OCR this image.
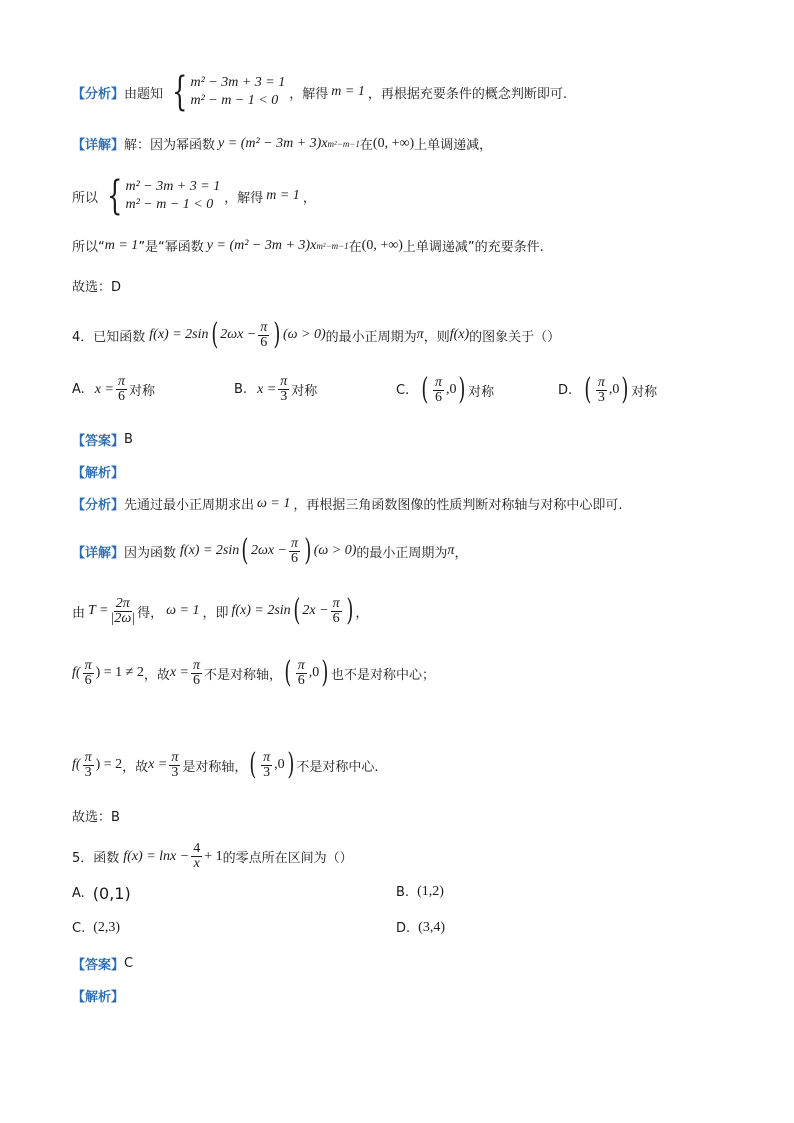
【分析】 由题知 { m² − 3m + 3 = 1
m² − m − 1 < 0 ，解得 m = 1 ，再根据充要条件的概念判断即可.
【详解】 解：因为幂函数 y = (m² − 3m + 3)x m²−m−1 在 (0, +∞) 上单调递减，
所以 { m² − 3m + 3 = 1
m² − m − 1 < 0 ，解得 m = 1 ，
所以“ m = 1 ”是“幂函数 y = (m² − 3m + 3)x m²−m−1 在 (0, +∞) 上单调递减”的充要条件.
故选：D
4．已知函数 f(x) = 2sin ( $2\omega x - \frac{\pi}{6}$ ) (ω > 0) 的最小正周期为 π ，则 f(x) 的图象关于（）
A. $x = \frac{\pi}{6}$ 对称	B. $x = \frac{\pi}{3}$ 对称	C. ( $\frac{\pi}{6} ,0$ ) 对称	D. ( $\frac{\pi}{3} ,0$ ) 对称
【答案】 B
【解析】
【分析】 先通过最小正周期求出 ω = 1 ，再根据三角函数图像的性质判断对称轴与对称中心即可.
【详解】 因为函数 f(x) = 2sin ( $2\omega x - \frac{\pi}{6}$ ) (ω > 0) 的最小正周期为 π ，
由 $T = \frac{2\pi}{|2\omega|}$ 得， ω = 1 ，即 f(x) = 2sin ( $2x - \frac{\pi}{6}$ ) ，
$f( \frac{\pi}{6}$ ) = 1 ≠ 2 ，故 $x = \frac{\pi}{6}$ 不是对称轴， ( $\frac{\pi}{6} ,0$ ) 也不是对称中心；
$f( \frac{\pi}{3}$ ) = 2 ，故 $x = \frac{\pi}{3}$ 是对称轴， ( $\frac{\pi}{3} ,0$ ) 不是对称中心.
故选：B
5．函数 $f(x) = \ln x - \frac{4}{x} + 1$ 的零点所在区间为（）
A. (0,1)	B. (1,2)
C. (2,3)	D. (3,4)
【答案】 C
【解析】
